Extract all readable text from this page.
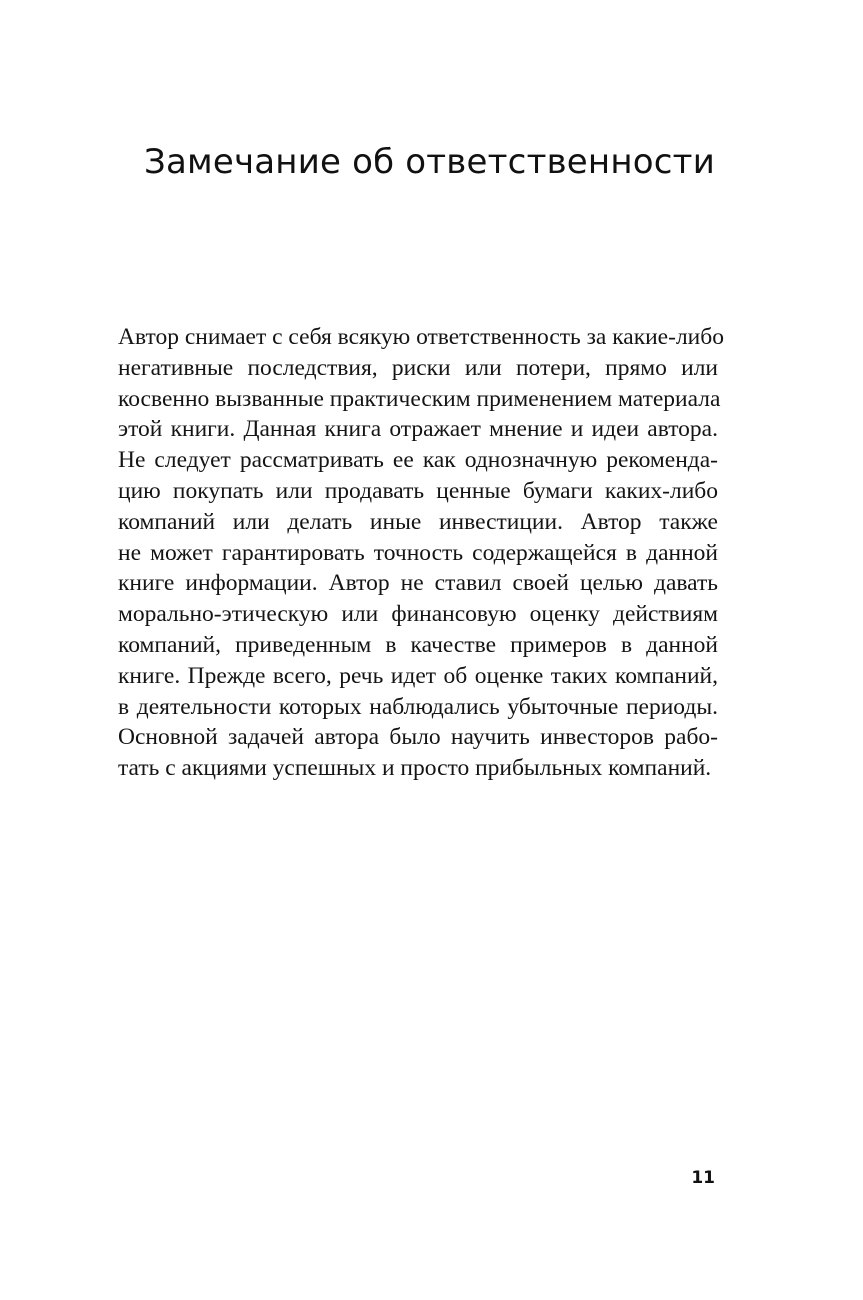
Замечание об ответственности

Автор снимает с себя всякую ответственность за какие-либо
негативные последствия, риски или потери, прямо или
косвенно вызванные практическим применением материала
этой книги. Данная книга отражает мнение и идеи автора.
Не следует рассматривать ее как однозначную рекоменда-
цию покупать или продавать ценные бумаги каких-либо
компаний или делать иные инвестиции. Автор также
не может гарантировать точность содержащейся в данной
книге информации. Автор не ставил своей целью давать
морально-этическую или финансовую оценку действиям
компаний, приведенным в качестве примеров в данной
книге. Прежде всего, речь идет об оценке таких компаний,
в деятельности которых наблюдались убыточные периоды.
Основной задачей автора было научить инвесторов рабо-
тать с акциями успешных и просто прибыльных компаний.

11
